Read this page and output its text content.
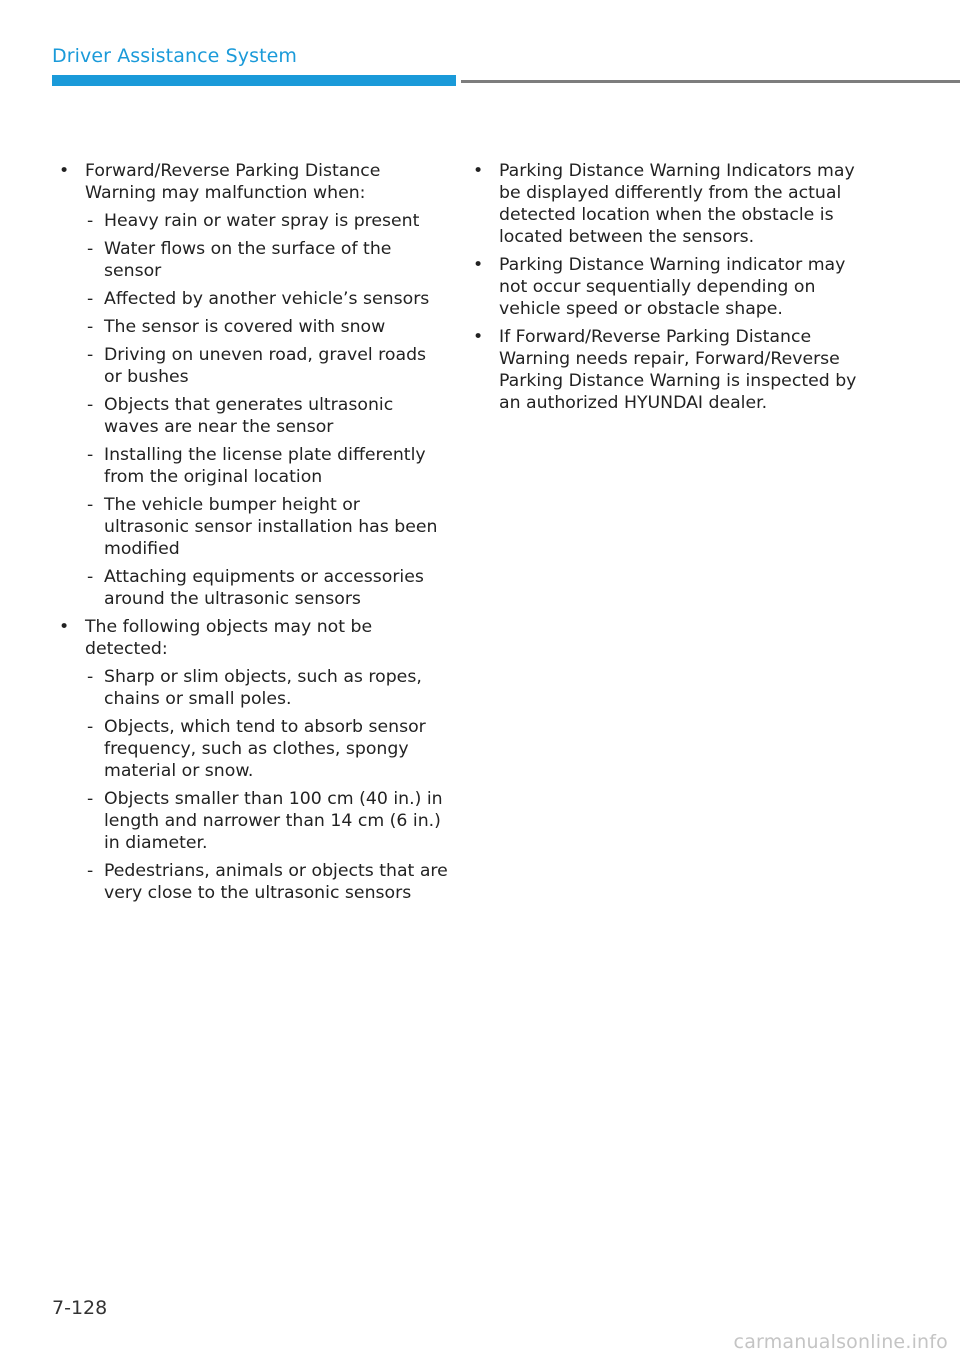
Driver Assistance System
• Forward/Reverse Parking Distance Warning may malfunction when:
- Heavy rain or water spray is present
- Water flows on the surface of the sensor
- Affected by another vehicle’s sensors
- The sensor is covered with snow
- Driving on uneven road, gravel roads or bushes
- Objects that generates ultrasonic waves are near the sensor
- Installing the license plate differently from the original location
- The vehicle bumper height or ultrasonic sensor installation has been modified
- Attaching equipments or accessories around the ultrasonic sensors
• The following objects may not be detected:
- Sharp or slim objects, such as ropes, chains or small poles.
- Objects, which tend to absorb sensor frequency, such as clothes, spongy material or snow.
- Objects smaller than 100 cm (40 in.) in length and narrower than 14 cm (6 in.) in diameter.
- Pedestrians, animals or objects that are very close to the ultrasonic sensors
• Parking Distance Warning Indicators may be displayed differently from the actual detected location when the obstacle is located between the sensors.
• Parking Distance Warning indicator may not occur sequentially depending on vehicle speed or obstacle shape.
• If Forward/Reverse Parking Distance Warning needs repair, Forward/Reverse Parking Distance Warning is inspected by an authorized HYUNDAI dealer.
7-128
carmanualsonline.info
